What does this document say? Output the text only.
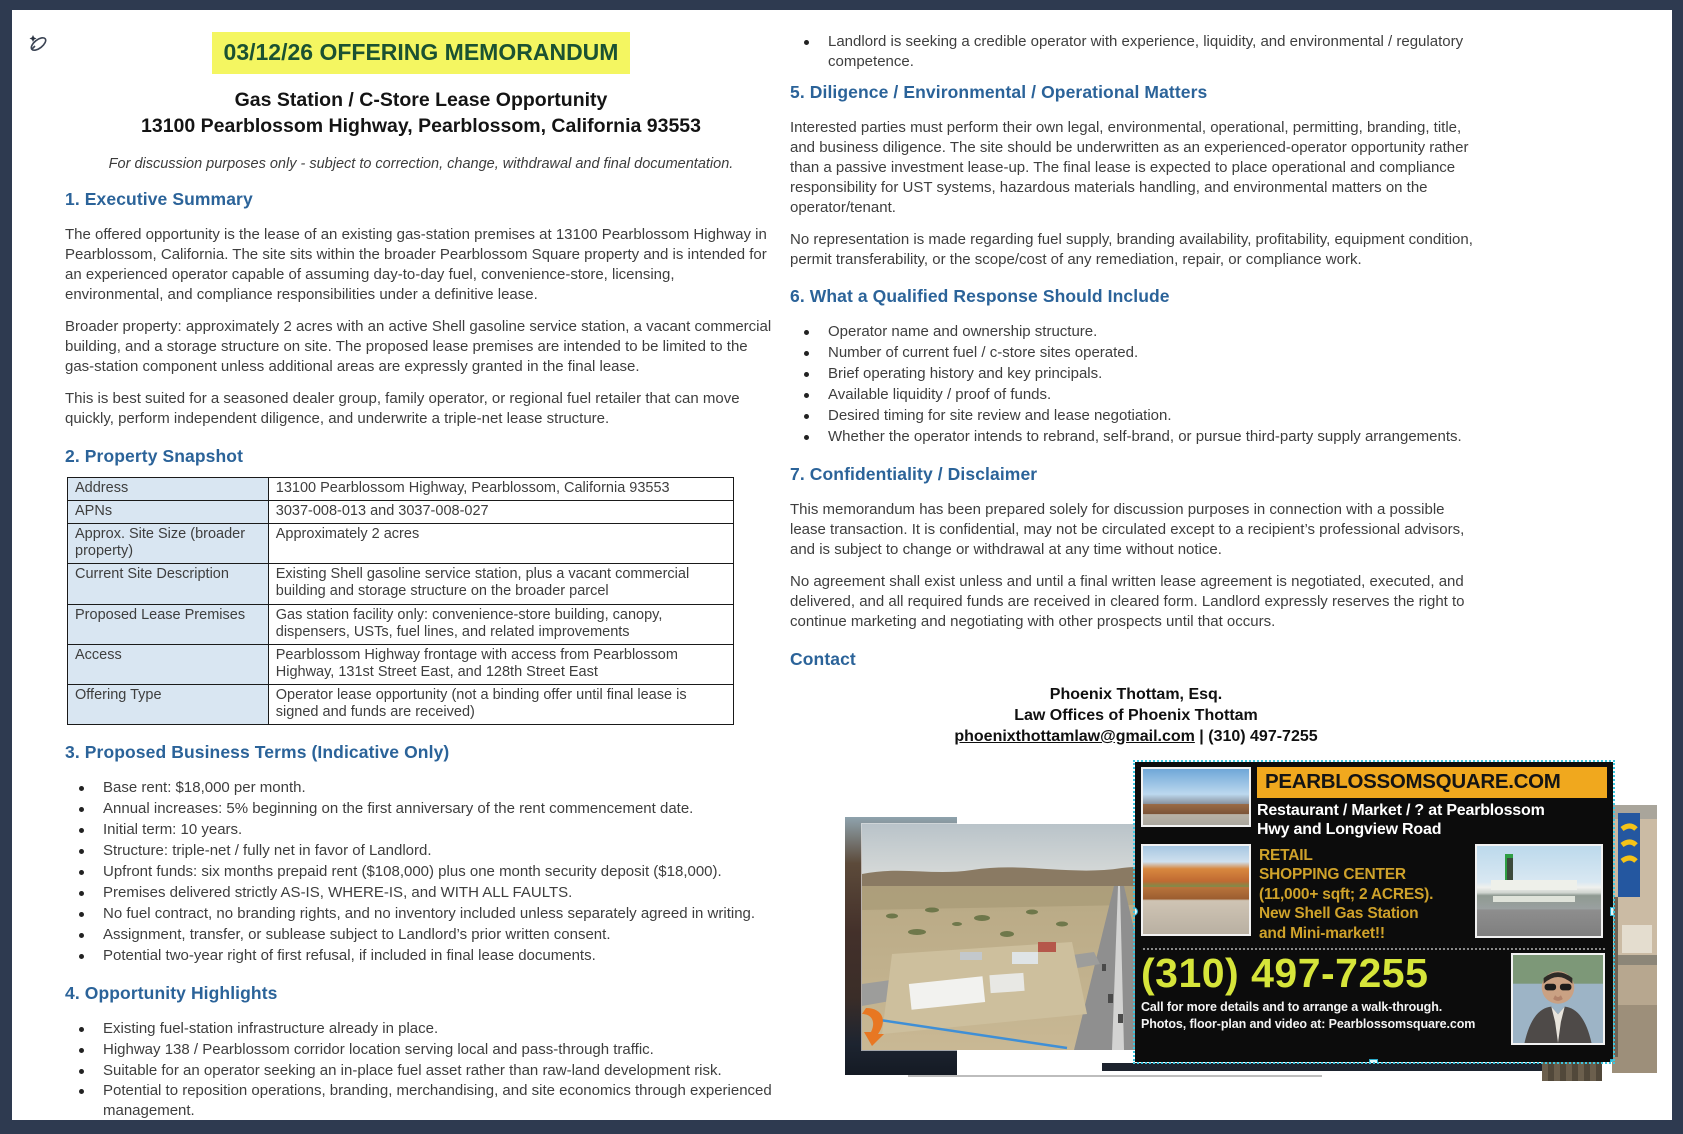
03/12/26 OFFERING MEMORANDUM
Gas Station / C-Store Lease Opportunity
13100 Pearblossom Highway, Pearblossom, California 93553
For discussion purposes only - subject to correction, change, withdrawal and final documentation.
1. Executive Summary

The offered opportunity is the lease of an existing gas-station premises at 13100 Pearblossom Highway in Pearblossom, California. The site sits within the broader Pearblossom Square property and is intended for an experienced operator capable of assuming day-to-day fuel, convenience-store, licensing, environmental, and compliance responsibilities under a definitive lease.

Broader property: approximately 2 acres with an active Shell gasoline service station, a vacant commercial building, and a storage structure on site. The proposed lease premises are intended to be limited to the gas-station component unless additional areas are expressly granted in the final lease.

This is best suited for a seasoned dealer group, family operator, or regional fuel retailer that can move quickly, perform independent diligence, and underwrite a triple-net lease structure.

2. Property Snapshot
Address	13100 Pearblossom Highway, Pearblossom, California 93553
APNs	3037-008-013 and 3037-008-027
Approx. Site Size (broader property)	Approximately 2 acres
Current Site Description	Existing Shell gasoline service station, plus a vacant commercial building and storage structure on the broader parcel
Proposed Lease Premises	Gas station facility only: convenience-store building, canopy, dispensers, USTs, fuel lines, and related improvements
Access	Pearblossom Highway frontage with access from Pearblossom Highway, 131st Street East, and 128th Street East
Offering Type	Operator lease opportunity (not a binding offer until final lease is signed and funds are received)
3. Proposed Business Terms (Indicative Only)
Base rent: $18,000 per month.
Annual increases: 5% beginning on the first anniversary of the rent commencement date.
Initial term: 10 years.
Structure: triple-net / fully net in favor of Landlord.
Upfront funds: six months prepaid rent ($108,000) plus one month security deposit ($18,000).
Premises delivered strictly AS-IS, WHERE-IS, and WITH ALL FAULTS.
No fuel contract, no branding rights, and no inventory included unless separately agreed in writing.
Assignment, transfer, or sublease subject to Landlord’s prior written consent.
Potential two-year right of first refusal, if included in final lease documents.
4. Opportunity Highlights
Existing fuel-station infrastructure already in place.
Highway 138 / Pearblossom corridor location serving local and pass-through traffic.
Suitable for an operator seeking an in-place fuel asset rather than raw-land development risk.
Potential to reposition operations, branding, merchandising, and site economics through experienced management.
Landlord is seeking a credible operator with experience, liquidity, and environmental / regulatory competence.
5. Diligence / Environmental / Operational Matters

Interested parties must perform their own legal, environmental, operational, permitting, branding, title, and business diligence. The site should be underwritten as an experienced-operator opportunity rather than a passive investment lease-up. The final lease is expected to place operational and compliance responsibility for UST systems, hazardous materials handling, and environmental matters on the operator/tenant.

No representation is made regarding fuel supply, branding availability, profitability, equipment condition, permit transferability, or the scope/cost of any remediation, repair, or compliance work.

6. What a Qualified Response Should Include
Operator name and ownership structure.
Number of current fuel / c-store sites operated.
Brief operating history and key principals.
Available liquidity / proof of funds.
Desired timing for site review and lease negotiation.
Whether the operator intends to rebrand, self-brand, or pursue third-party supply arrangements.
7. Confidentiality / Disclaimer

This memorandum has been prepared solely for discussion purposes in connection with a possible lease transaction. It is confidential, may not be circulated except to a recipient’s professional advisors, and is subject to change or withdrawal at any time without notice.

No agreement shall exist unless and until a final written lease agreement is negotiated, executed, and delivered, and all required funds are received in cleared form. Landlord expressly reserves the right to continue marketing and negotiating with other prospects until that occurs.

Contact
Phoenix Thottam, Esq.
Law Offices of Phoenix Thottam
phoenixthottamlaw@gmail.com | (310) 497-7255
PEARBLOSSOMSQUARE.COM
Restaurant / Market / ? at Pearblossom
Hwy and Longview Road
RETAIL
SHOPPING CENTER
(11,000+ sqft; 2 ACRES).
New Shell Gas Station
and Mini-market!!
(310) 497-7255
Call for more details and to arrange a walk-through.
Photos, floor-plan and video at: Pearblossomsquare.com
